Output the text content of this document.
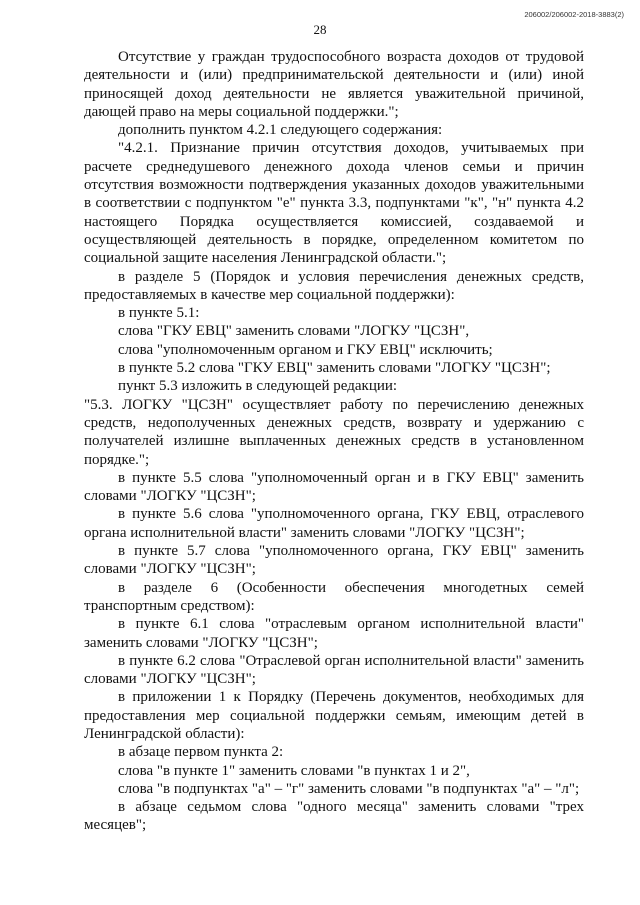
206002/206002-2018-3883(2)
28

Отсутствие у граждан трудоспособного возраста доходов от трудовой деятельности и (или) предпринимательской деятельности и (или) иной приносящей доход деятельности не является уважительной причиной, дающей право на меры социальной поддержки.";

дополнить пунктом 4.2.1 следующего содержания:

"4.2.1. Признание причин отсутствия доходов, учитываемых при расчете среднедушевого денежного дохода членов семьи и причин отсутствия возможности подтверждения указанных доходов уважительными в соответствии с подпунктом "е" пункта 3.3, подпунктами "к", "н" пункта 4.2 настоящего Порядка осуществляется комиссией, создаваемой и осуществляющей деятельность в порядке, определенном комитетом по социальной защите населения Ленинградской области.";

в разделе 5 (Порядок и условия перечисления денежных средств, предоставляемых в качестве мер социальной поддержки):

в пункте 5.1:

слова "ГКУ ЕВЦ" заменить словами "ЛОГКУ "ЦСЗН",

слова "уполномоченным органом и ГКУ ЕВЦ" исключить;

в пункте 5.2 слова "ГКУ ЕВЦ" заменить словами "ЛОГКУ "ЦСЗН";

пункт 5.3 изложить в следующей редакции:

"5.3. ЛОГКУ "ЦСЗН" осуществляет работу по перечислению денежных средств, недополученных денежных средств, возврату и удержанию с получателей излишне выплаченных денежных средств в установленном порядке.";

в пункте 5.5 слова "уполномоченный орган и в ГКУ ЕВЦ" заменить словами "ЛОГКУ "ЦСЗН";

в пункте 5.6 слова "уполномоченного органа, ГКУ ЕВЦ, отраслевого органа исполнительной власти" заменить словами "ЛОГКУ "ЦСЗН";

в пункте 5.7 слова "уполномоченного органа, ГКУ ЕВЦ" заменить словами "ЛОГКУ "ЦСЗН";

в разделе 6 (Особенности обеспечения многодетных семей транспортным средством):

в пункте 6.1 слова "отраслевым органом исполнительной власти" заменить словами "ЛОГКУ "ЦСЗН";

в пункте 6.2 слова "Отраслевой орган исполнительной власти" заменить словами "ЛОГКУ "ЦСЗН";

в приложении 1 к Порядку (Перечень документов, необходимых для предоставления мер социальной поддержки семьям, имеющим детей в Ленинградской области):

в абзаце первом пункта 2:

слова "в пункте 1" заменить словами "в пунктах 1 и 2",

слова "в подпунктах "а" – "г" заменить словами "в подпунктах "а" – "л";

в абзаце седьмом слова "одного месяца" заменить словами "трех месяцев";
